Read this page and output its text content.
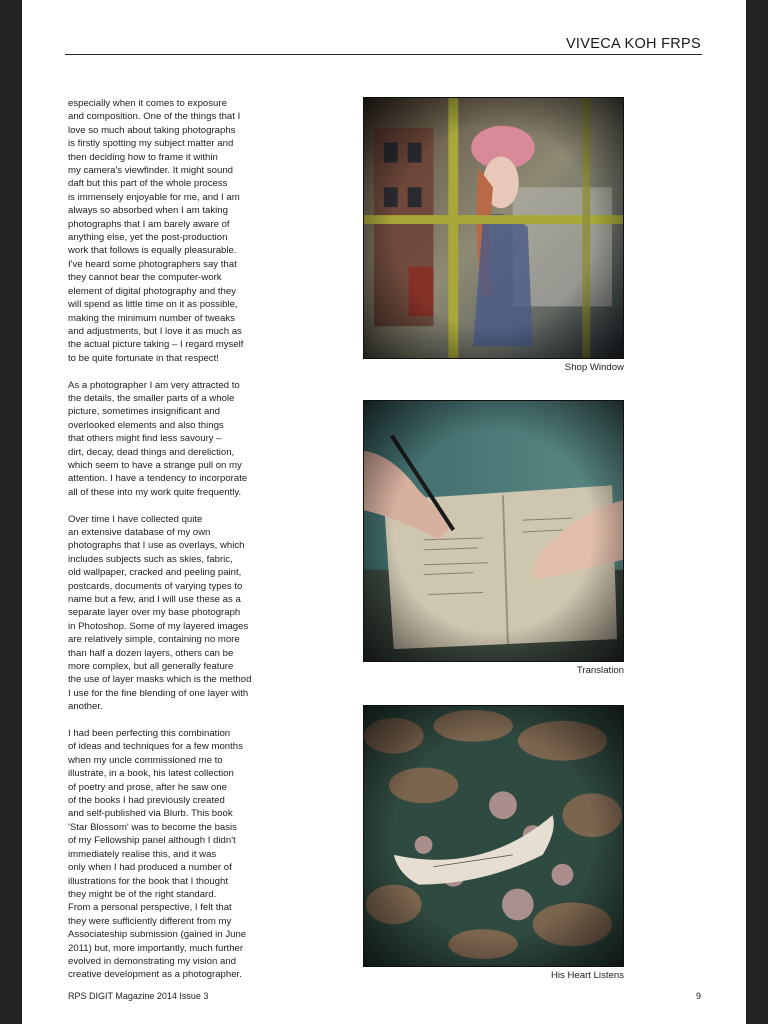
VIVECA KOH FRPS

especially when it comes to exposure
and composition. One of the things that I
love so much about taking photographs
is firstly spotting my subject matter and
then deciding how to frame it within
my camera's viewfinder. It might sound
daft but this part of the whole process
is immensely enjoyable for me, and I am
always so absorbed when I am taking
photographs that I am barely aware of
anything else, yet the post-production
work that follows is equally pleasurable.
I've heard some photographers say that
they cannot bear the computer-work
element of digital photography and they
will spend as little time on it as possible,
making the minimum number of tweaks
and adjustments, but I love it as much as
the actual picture taking – I regard myself
to be quite fortunate in that respect!

As a photographer I am very attracted to
the details, the smaller parts of a whole
picture, sometimes insignificant and
overlooked elements and also things
that others might find less savoury –
dirt, decay, dead things and dereliction,
which seem to have a strange pull on my
attention. I have a tendency to incorporate
all of these into my work quite frequently.

Over time I have collected quite
an extensive database of my own
photographs that I use as overlays, which
includes subjects such as skies, fabric,
old wallpaper, cracked and peeling paint,
postcards, documents of varying types to
name but a few, and I will use these as a
separate layer over my base photograph
in Photoshop. Some of my layered images
are relatively simple, containing no more
than half a dozen layers, others can be
more complex, but all generally feature
the use of layer masks which is the method
I use for the fine blending of one layer with
another.

I had been perfecting this combination
of ideas and techniques for a few months
when my uncle commissioned me to
illustrate, in a book, his latest collection
of poetry and prose, after he saw one
of the books I had previously created
and self-published via Blurb. This book
'Star Blossom' was to become the basis
of my Fellowship panel although I didn't
immediately realise this, and it was
only when I had produced a number of
illustrations for the book that I thought
they might be of the right standard.
From a personal perspective, I felt that
they were sufficiently different from my
Associateship submission (gained in June
2011) but, more importantly, much further
evolved in demonstrating my vision and
creative development as a photographer.

Shop Window
Translation
His Heart Listens
RPS DIGIT Magazine 2014 Issue 3	9
